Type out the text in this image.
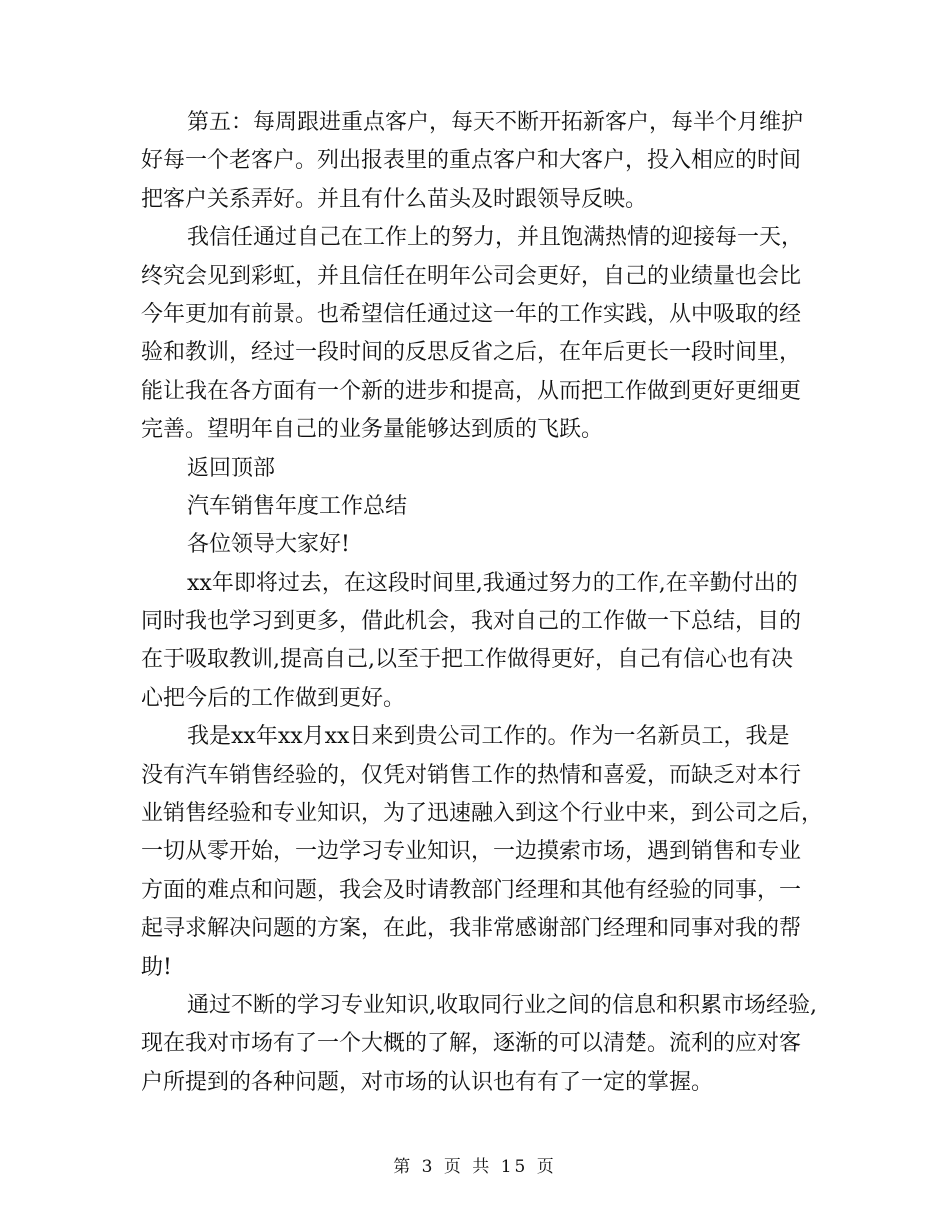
第五：每周跟进重点客户，每天不断开拓新客户，每半个月维护
好每一个老客户。列出报表里的重点客户和大客户，投入相应的时间
把客户关系弄好。并且有什么苗头及时跟领导反映。
我信任通过自己在工作上的努力，并且饱满热情的迎接每一天，
终究会见到彩虹，并且信任在明年公司会更好，自己的业绩量也会比
今年更加有前景。也希望信任通过这一年的工作实践，从中吸取的经
验和教训，经过一段时间的反思反省之后，在年后更长一段时间里，
能让我在各方面有一个新的进步和提高，从而把工作做到更好更细更
完善。望明年自己的业务量能够达到质的飞跃。
返回顶部
汽车销售年度工作总结
各位领导大家好!
xx年即将过去，在这段时间里,我通过努力的工作,在辛勤付出的
同时我也学习到更多，借此机会，我对自己的工作做一下总结，目的
在于吸取教训,提高自己,以至于把工作做得更好，自己有信心也有决
心把今后的工作做到更好。
我是xx年xx月xx日来到贵公司工作的。作为一名新员工，我是
没有汽车销售经验的，仅凭对销售工作的热情和喜爱，而缺乏对本行
业销售经验和专业知识，为了迅速融入到这个行业中来，到公司之后，
一切从零开始，一边学习专业知识，一边摸索市场，遇到销售和专业
方面的难点和问题，我会及时请教部门经理和其他有经验的同事，一
起寻求解决问题的方案，在此，我非常感谢部门经理和同事对我的帮
助!
通过不断的学习专业知识,收取同行业之间的信息和积累市场经验,
现在我对市场有了一个大概的了解，逐渐的可以清楚。流利的应对客
户所提到的各种问题，对市场的认识也有有了一定的掌握。
第 3 页 共 15 页
